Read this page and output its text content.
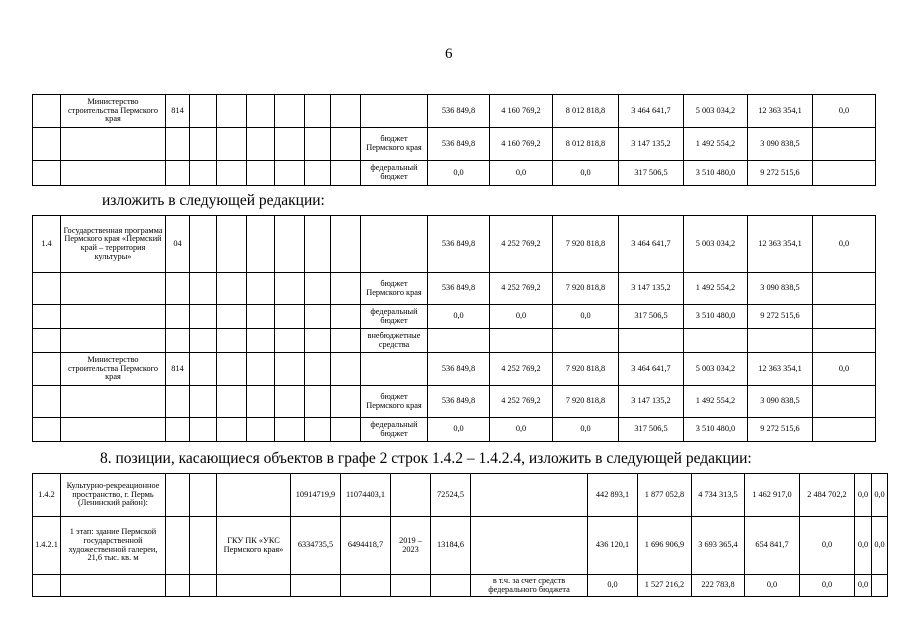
6
	Министерство строительства Пермского края	814								536 849,8	4 160 769,2	8 012 818,8	3 464 641,7	5 003 034,2	12 363 354,1	0,0
									бюджет Пермского края	536 849,8	4 160 769,2	8 012 818,8	3 147 135,2	1 492 554,2	3 090 838,5	
									федеральный бюджет	0,0	0,0	0,0	317 506,5	3 510 480,0	9 272 515,6	
изложить в следующей редакции:
1.4	Государственная программа Пермского края «Пермский край – территория культуры»	04								536 849,8	4 252 769,2	7 920 818,8	3 464 641,7	5 003 034,2	12 363 354,1	0,0
									бюджет Пермского края	536 849,8	4 252 769,2	7 920 818,8	3 147 135,2	1 492 554,2	3 090 838,5	
									федеральный бюджет	0,0	0,0	0,0	317 506,5	3 510 480,0	9 272 515,6	
									внебюджетные средства							
	Министерство строительства Пермского края	814								536 849,8	4 252 769,2	7 920 818,8	3 464 641,7	5 003 034,2	12 363 354,1	0,0
									бюджет Пермского края	536 849,8	4 252 769,2	7 920 818,8	3 147 135,2	1 492 554,2	3 090 838,5	
									федеральный бюджет	0,0	0,0	0,0	317 506,5	3 510 480,0	9 272 515,6	
8. позиции, касающиеся объектов в графе 2 строк 1.4.2 – 1.4.2.4, изложить в следующей редакции:
1.4.2	Культурно-рекреационное пространство, г. Пермь (Ленинский район):				10914719,9	11074403,1		72524,5		442 893,1	1 877 052,8	4 734 313,5	1 462 917,0	2 484 702,2	0,0	0,0
1.4.2.1	1 этап: здание Пермской государственной художественной галереи, 21,6 тыс. кв. м			ГКУ ПК «УКС Пермского края»	6334735,5	6494418,7	2019 – 2023	13184,6		436 120,1	1 696 906,9	3 693 365,4	654 841,7	0,0	0,0	0,0
									в т.ч. за счет средств федерального бюджета	0,0	1 527 216,2	222 783,8	0,0	0,0	0,0	
